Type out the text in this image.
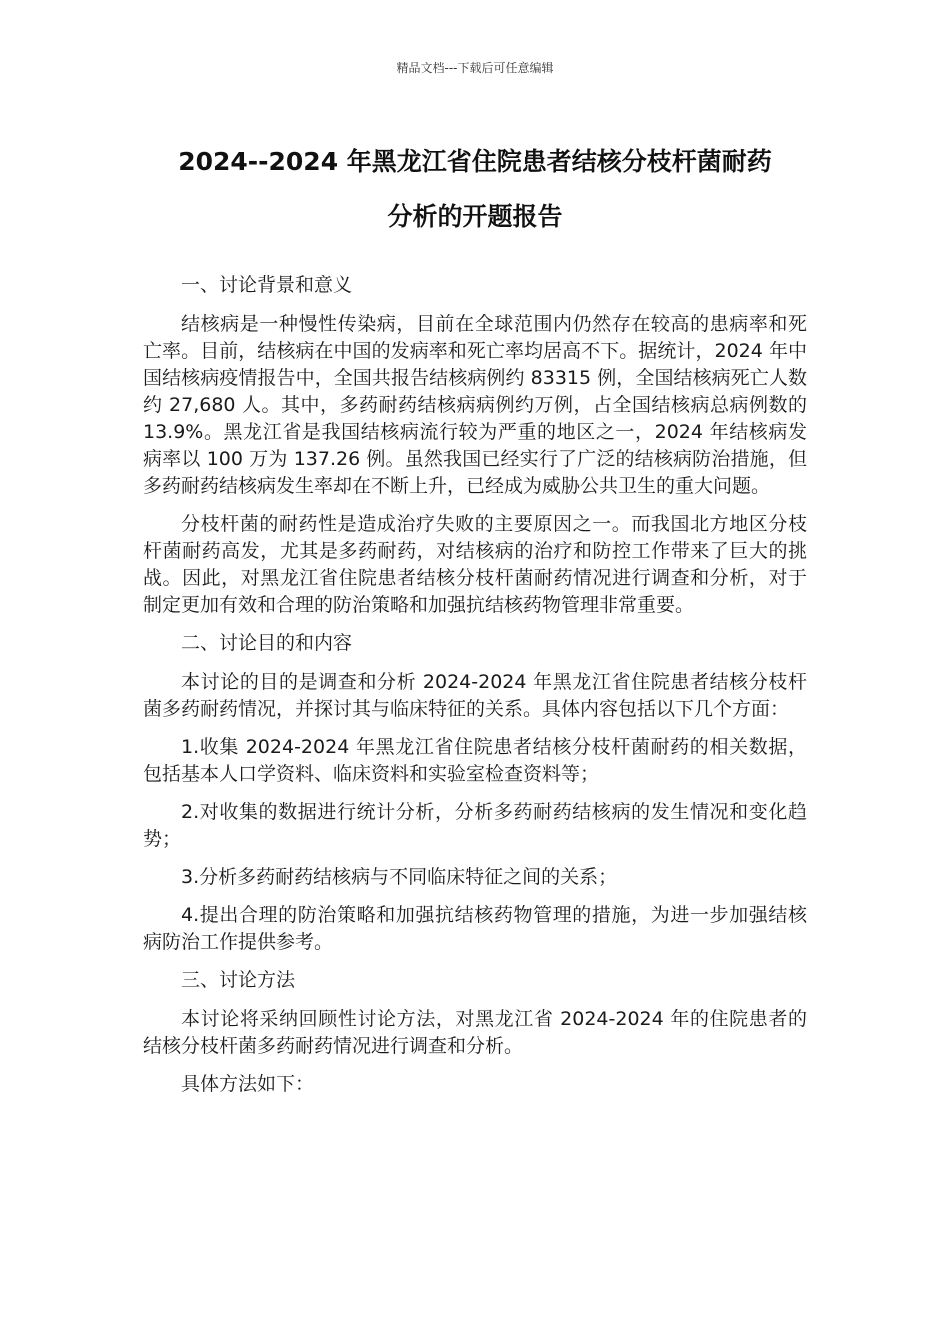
精品文档---下载后可任意编辑
2024--2024 年黑龙江省住院患者结核分枝杆菌耐药
分析的开题报告

一、讨论背景和意义

结核病是一种慢性传染病，目前在全球范围内仍然存在较高的患病率和死亡率。目前，结核病在中国的发病率和死亡率均居高不下。据统计，2024 年中国结核病疫情报告中，全国共报告结核病例约 83315 例，全国结核病死亡人数约 27,680 人。其中，多药耐药结核病病例约万例，占全国结核病总病例数的 13.9%。黑龙江省是我国结核病流行较为严重的地区之一，2024 年结核病发病率以 100 万为 137.26 例。虽然我国已经实行了广泛的结核病防治措施，但多药耐药结核病发生率却在不断上升，已经成为威胁公共卫生的重大问题。

分枝杆菌的耐药性是造成治疗失败的主要原因之一。而我国北方地区分枝杆菌耐药高发，尤其是多药耐药，对结核病的治疗和防控工作带来了巨大的挑战。因此，对黑龙江省住院患者结核分枝杆菌耐药情况进行调查和分析，对于制定更加有效和合理的防治策略和加强抗结核药物管理非常重要。

二、讨论目的和内容

本讨论的目的是调查和分析 2024-2024 年黑龙江省住院患者结核分枝杆菌多药耐药情况，并探讨其与临床特征的关系。具体内容包括以下几个方面：

1.收集 2024-2024 年黑龙江省住院患者结核分枝杆菌耐药的相关数据，包括基本人口学资料、临床资料和实验室检查资料等；

2.对收集的数据进行统计分析，分析多药耐药结核病的发生情况和变化趋势；

3.分析多药耐药结核病与不同临床特征之间的关系；

4.提出合理的防治策略和加强抗结核药物管理的措施，为进一步加强结核病防治工作提供参考。

三、讨论方法

本讨论将采纳回顾性讨论方法，对黑龙江省 2024-2024 年的住院患者的结核分枝杆菌多药耐药情况进行调查和分析。

具体方法如下：
